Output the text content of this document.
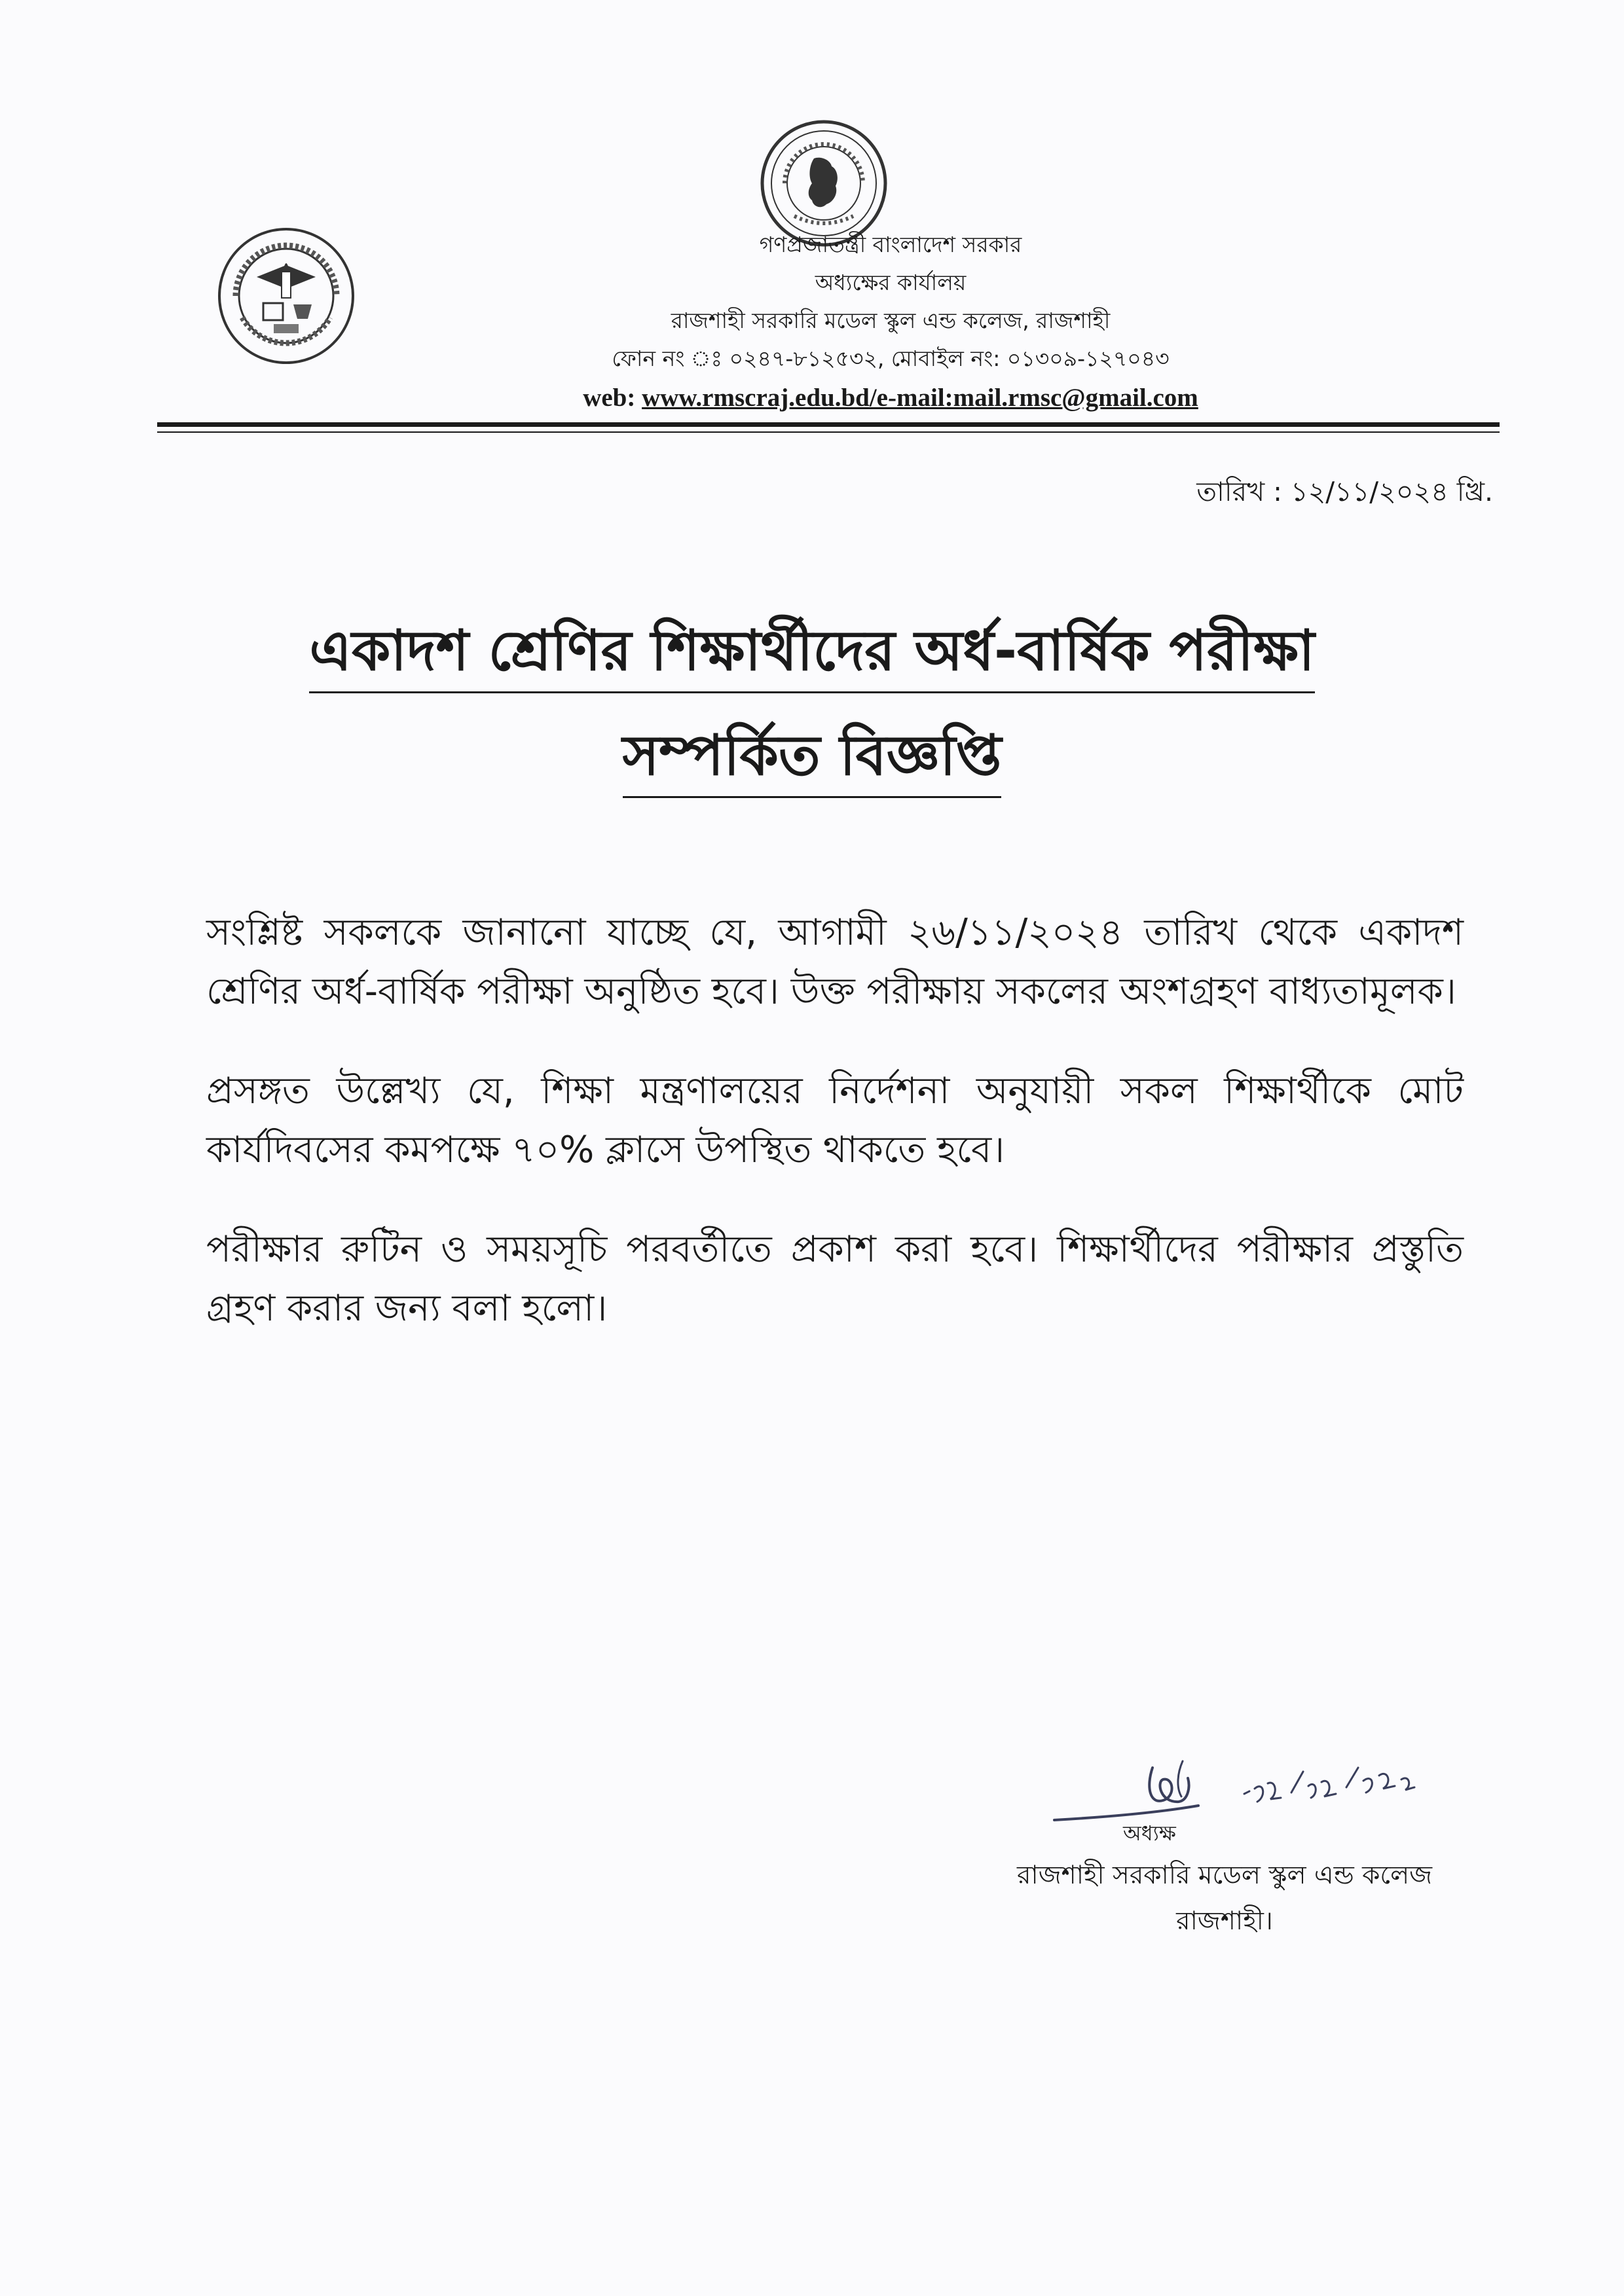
গণপ্রজাতন্ত্রী বাংলাদেশ সরকার
অধ্যক্ষের কার্যালয়
রাজশাহী সরকারি মডেল স্কুল এন্ড কলেজ, রাজশাহী
ফোন নং ঃ ০২৪৭-৮১২৫৩২, মোবাইল নং: ০১৩০৯-১২৭০৪৩
web: www.rmscraj.edu.bd/e-mail:mail.rmsc@gmail.com
তারিখ : ১২/১১/২০২৪ খ্রি.
একাদশ শ্রেণির শিক্ষার্থীদের অর্ধ-বার্ষিক পরীক্ষা
সম্পর্কিত বিজ্ঞপ্তি

সংশ্লিষ্ট সকলকে জানানো যাচ্ছে যে, আগামী ২৬/১১/২০২৪ তারিখ থেকে একাদশ শ্রেণির অর্ধ-বার্ষিক পরীক্ষা অনুষ্ঠিত হবে। উক্ত পরীক্ষায় সকলের অংশগ্রহণ বাধ্যতামূলক।

প্রসঙ্গত উল্লেখ্য যে, শিক্ষা মন্ত্রণালয়ের নির্দেশনা অনুযায়ী সকল শিক্ষার্থীকে মোট কার্যদিবসের কমপক্ষে ৭০% ক্লাসে উপস্থিত থাকতে হবে।

পরীক্ষার রুটিন ও সময়সূচি পরবর্তীতে প্রকাশ করা হবে। শিক্ষার্থীদের পরীক্ষার প্রস্তুতি গ্রহণ করার জন্য বলা হলো।

অধ্যক্ষ
রাজশাহী সরকারি মডেল স্কুল এন্ড কলেজ
রাজশাহী।
